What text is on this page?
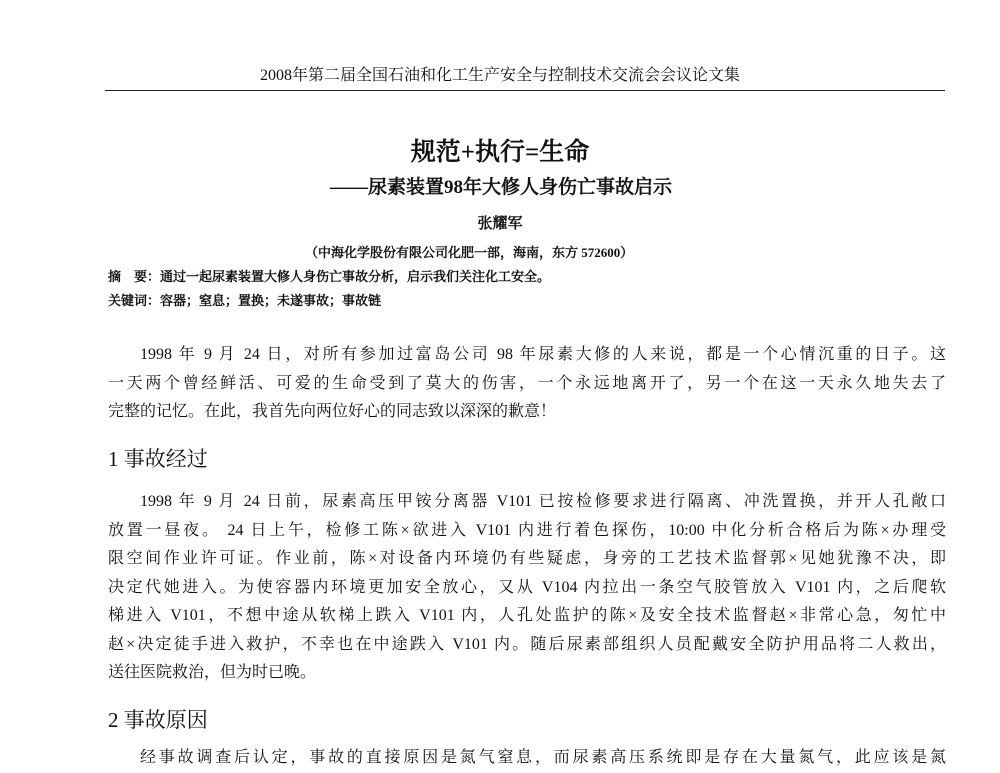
2008年第二届全国石油和化工生产安全与控制技术交流会会议论文集
规范+执行=生命
——尿素装置98年大修人身伤亡事故启示
张耀军
（中海化学股份有限公司化肥一部，海南，东方 572600）
摘　要：通过一起尿素装置大修人身伤亡事故分析，启示我们关注化工安全。
关键词：容器；窒息；置换；未遂事故；事故链
1998 年 9 月 24 日，对所有参加过富岛公司 98 年尿素大修的人来说，都是一个心情沉重的日子。这
一天两个曾经鲜活、可爱的生命受到了莫大的伤害，一个永远地离开了，另一个在这一天永久地失去了
完整的记忆。在此，我首先向两位好心的同志致以深深的歉意！
1 事故经过
1998 年 9 月 24 日前，尿素高压甲铵分离器 V101 已按检修要求进行隔离、冲洗置换，并开人孔敞口
放置一昼夜。 24 日上午，检修工陈×欲进入 V101 内进行着色探伤，10:00 中化分析合格后为陈×办理受
限空间作业许可证。作业前，陈×对设备内环境仍有些疑虑，身旁的工艺技术监督郭×见她犹豫不决，即
决定代她进入。为使容器内环境更加安全放心，又从 V104 内拉出一条空气胶管放入 V101 内，之后爬软
梯进入 V101，不想中途从软梯上跌入 V101 内，人孔处监护的陈×及安全技术监督赵×非常心急，匆忙中
赵×决定徒手进入救护，不幸也在中途跌入 V101 内。随后尿素部组织人员配戴安全防护用品将二人救出，
送往医院救治，但为时已晚。
2 事故原因
经事故调查后认定，事故的直接原因是氮气窒息，而尿素高压系统即是存在大量氮气，此应该是氮
